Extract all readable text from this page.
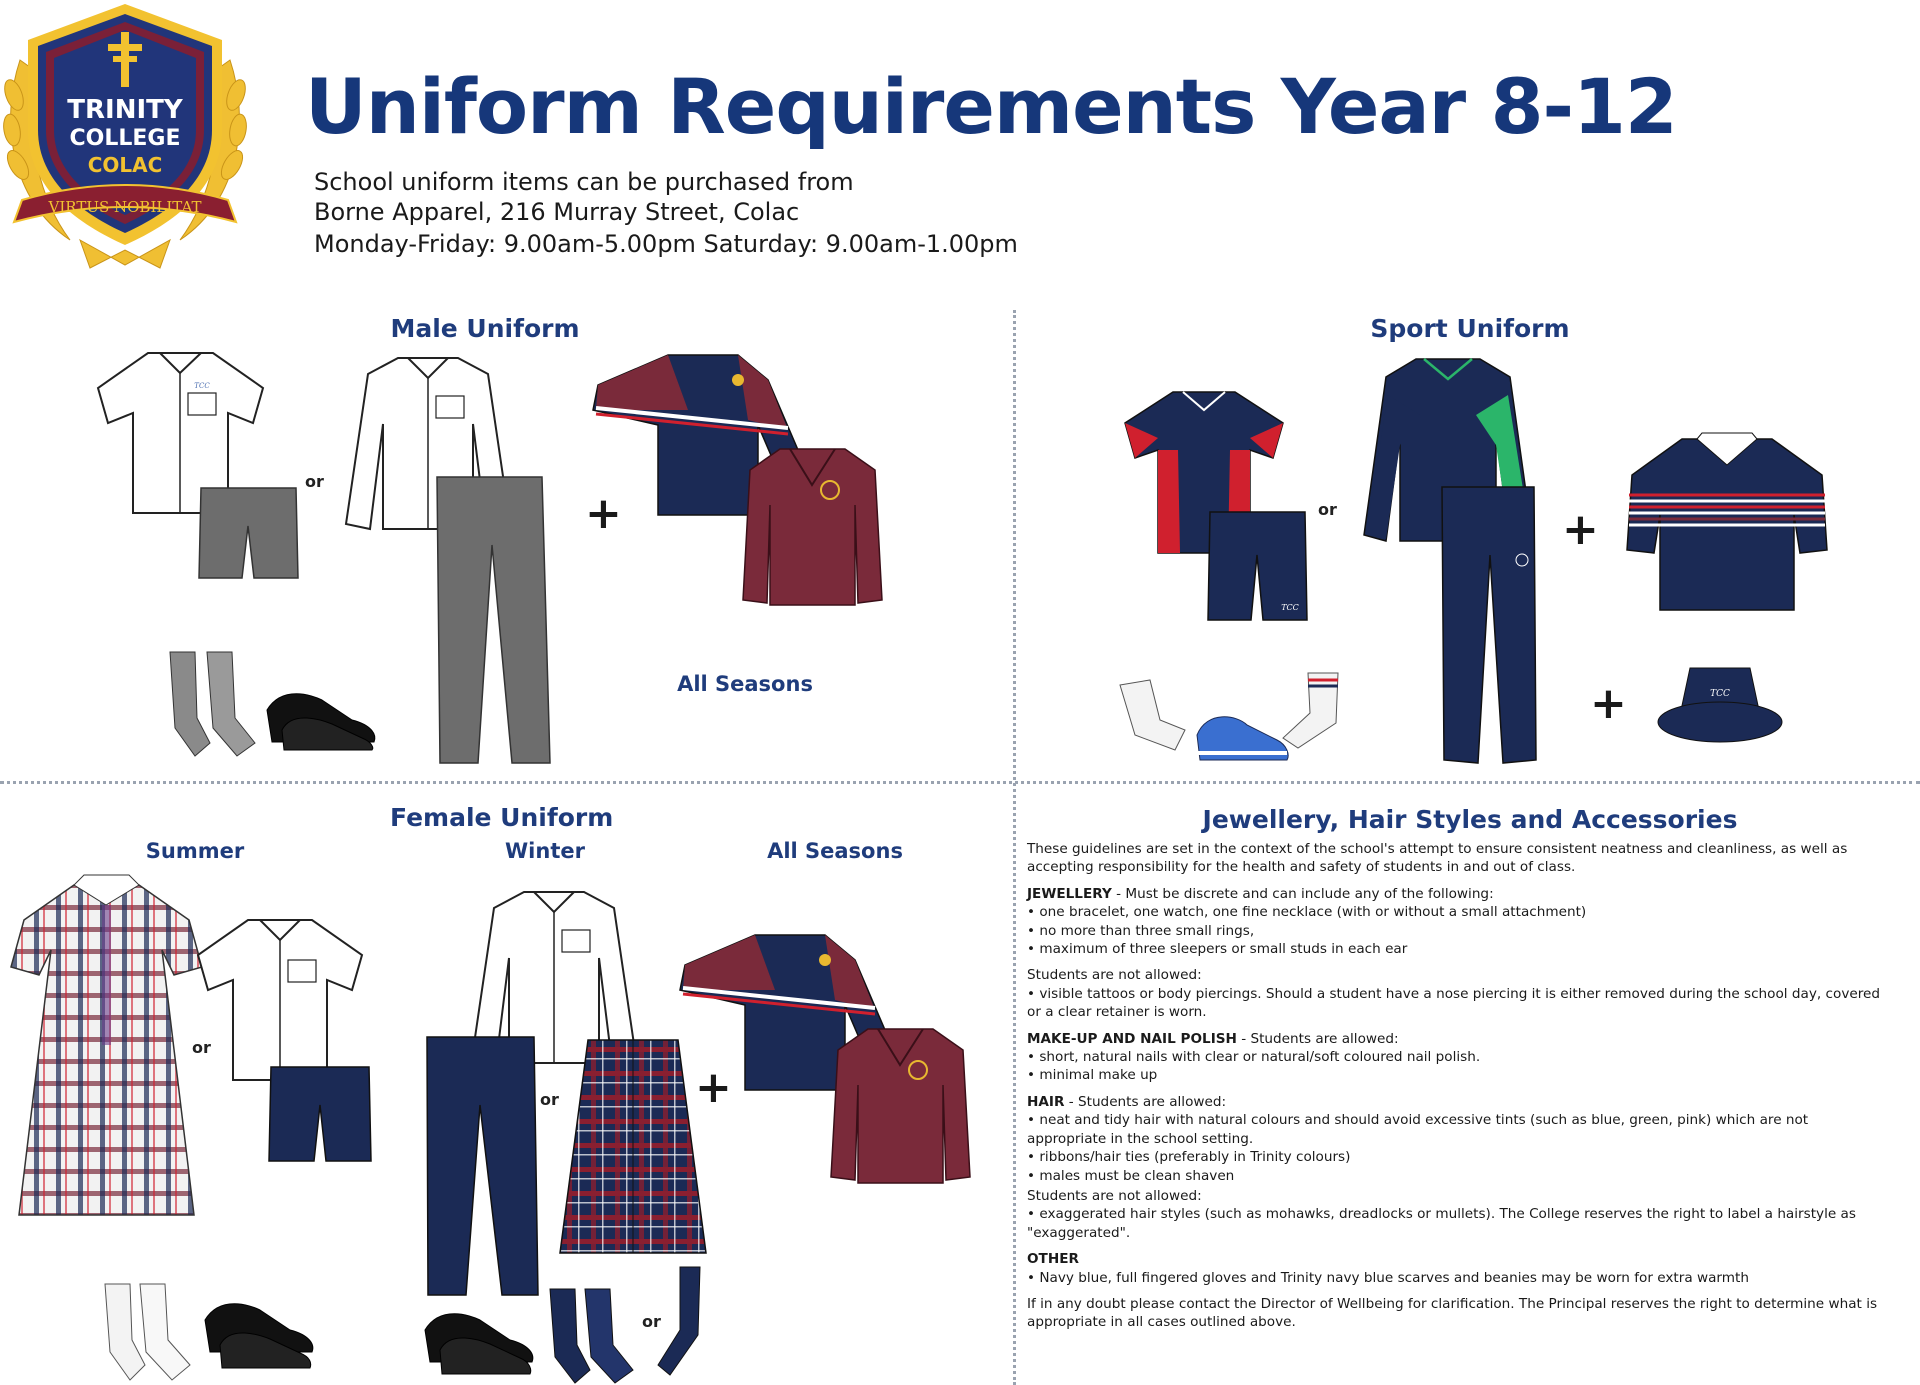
TRINITY
COLLEGE
COLAC
VIRTUS NOBILITAT
Uniform Requirements Year 8-12
School uniform items can be purchased from
Borne Apparel, 216 Murray Street, Colac
Monday-Friday: 9.00am-5.00pm Saturday: 9.00am-1.00pm
Male Uniform
TCC
or
+
All Seasons
Sport Uniform
TCC
or	+
+	TCC
Female Uniform
Summer	Winter	All Seasons
or
or	+
or
Jewellery, Hair Styles and Accessories

These guidelines are set in the context of the school's attempt to ensure consistent neatness and cleanliness, as well as accepting responsibility for the health and safety of students in and out of class.

JEWELLERY - Must be discrete and can include any of the following:
• one bracelet, one watch, one fine necklace (with or without a small attachment)
• no more than three small rings,
• maximum of three sleepers or small studs in each ear

Students are not allowed:
• visible tattoos or body piercings. Should a student have a nose piercing it is either removed during the school day, covered or a clear retainer is worn.

MAKE-UP AND NAIL POLISH - Students are allowed:
• short, natural nails with clear or natural/soft coloured nail polish.
• minimal make up

HAIR - Students are allowed:
• neat and tidy hair with natural colours and should avoid excessive tints (such as blue, green, pink) which are not appropriate in the school setting.
• ribbons/hair ties (preferably in Trinity colours)
• males must be clean shaven

Students are not allowed:
• exaggerated hair styles (such as mohawks, dreadlocks or mullets). The College reserves the right to label a hairstyle as "exaggerated".

OTHER
• Navy blue, full fingered gloves and Trinity navy blue scarves and beanies may be worn for extra warmth

If in any doubt please contact the Director of Wellbeing for clarification. The Principal reserves the right to determine what is appropriate in all cases outlined above.
